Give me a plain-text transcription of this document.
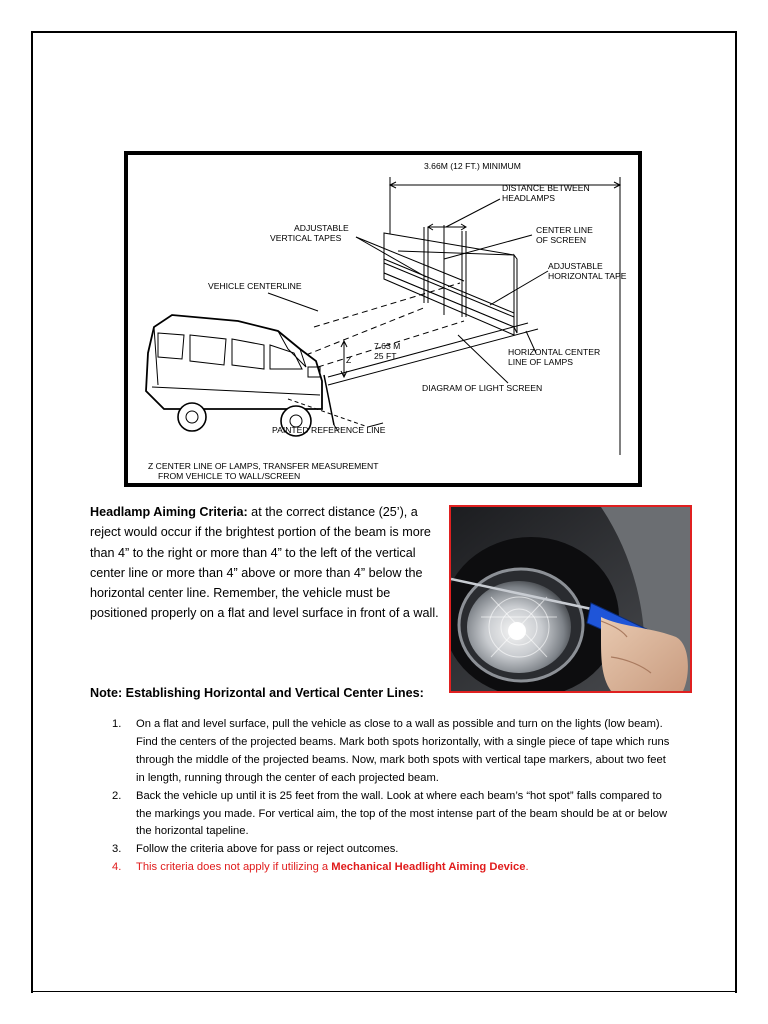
3.66M (12 FT.) MINIMUM
DISTANCE BETWEEN
HEADLAMPS
ADJUSTABLE
VERTICAL TAPES
CENTER LINE
OF SCREEN
ADJUSTABLE
HORIZONTAL TAPE
VEHICLE CENTERLINE
7.63 M
25 FT.
Z
HORIZONTAL CENTER
LINE OF LAMPS
DIAGRAM OF LIGHT SCREEN
PAINTED REFERENCE LINE
Z CENTER LINE OF LAMPS, TRANSFER MEASUREMENT
FROM VEHICLE TO WALL/SCREEN
Headlamp Aiming Criteria: at the correct distance (25’), a reject would occur if the brightest portion of the beam is more than 4” to the right or more than 4” to the left of the vertical center line or more than 4” above or more than 4” below the horizontal center line. Remember, the vehicle must be positioned properly on a flat and level surface in front of a wall.
Note: Establishing Horizontal and Vertical Center Lines:
1. On a flat and level surface, pull the vehicle as close to a wall as possible and turn on the lights (low beam). Find the centers of the projected beams. Mark both spots horizontally, with a single piece of tape which runs through the middle of the projected beams. Now, mark both spots with vertical tape markers, about two feet in length, running through the center of each projected beam.
2. Back the vehicle up until it is 25 feet from the wall. Look at where each beam’s “hot spot” falls compared to the markings you made. For vertical aim, the top of the most intense part of the beam should be at or below the horizontal tapeline.
3. Follow the criteria above for pass or reject outcomes.
4. This criteria does not apply if utilizing a Mechanical Headlight Aiming Device.
